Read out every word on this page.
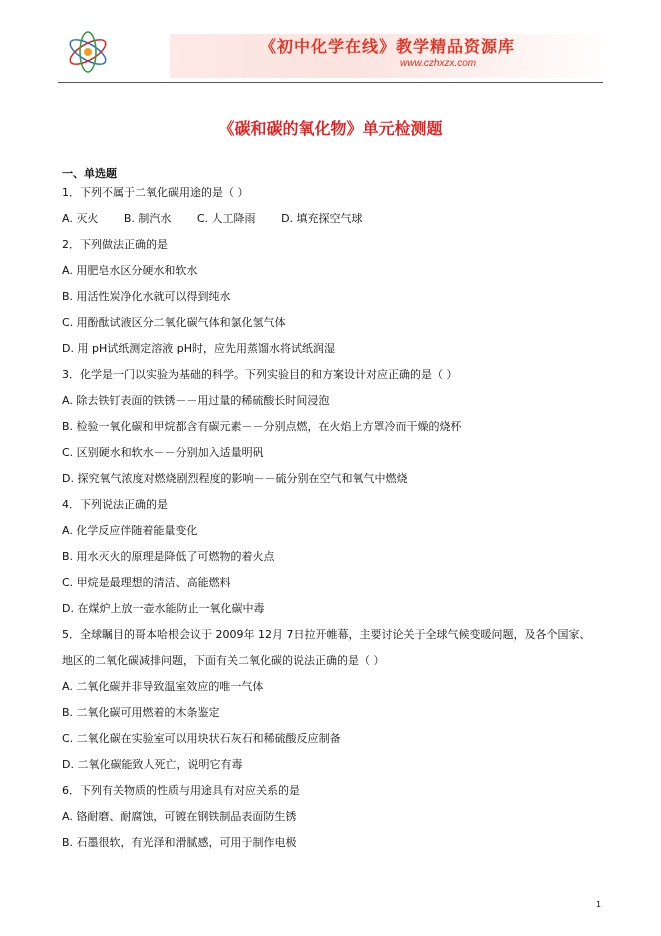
《初中化学在线》教学精品资源库
www.czhxzx.com
《碳和碳的氧化物》单元检测题
一、单选题
1．下列不属于二氧化碳用途的是（ ）
A. 灭火 B. 制汽水 C. 人工降雨 D. 填充探空气球
2．下列做法正确的是
A. 用肥皂水区分硬水和软水
B. 用活性炭净化水就可以得到纯水
C. 用酚酞试液区分二氧化碳气体和氯化氢气体
D. 用 pH试纸测定溶液 pH时，应先用蒸馏水将试纸润湿
3．化学是一门以实验为基础的科学。下列实验目的和方案设计对应正确的是（ ）
A. 除去铁钉表面的铁锈－－用过量的稀硫酸长时间浸泡
B. 检验一氧化碳和甲烷都含有碳元素－－分别点燃，在火焰上方罩冷而干燥的烧杯
C. 区别硬水和软水－－分别加入适量明矾
D. 探究氧气浓度对燃烧剧烈程度的影响－－硫分别在空气和氧气中燃烧
4．下列说法正确的是
A. 化学反应伴随着能量变化
B. 用水灭火的原理是降低了可燃物的着火点
C. 甲烷是最理想的清洁、高能燃料
D. 在煤炉上放一壶水能防止一氧化碳中毒
5．全球瞩目的哥本哈根会议于 2009年 12月 7日拉开帷幕，主要讨论关于全球气候变暖问题，及各个国家、
地区的二氧化碳减排问题，下面有关二氧化碳的说法正确的是（ ）
A. 二氧化碳并非导致温室效应的唯一气体
B. 二氧化碳可用燃着的木条鉴定
C. 二氧化碳在实验室可以用块状石灰石和稀硫酸反应制备
D. 二氧化碳能致人死亡，说明它有毒
6．下列有关物质的性质与用途具有对应关系的是
A. 铬耐磨、耐腐蚀，可镀在钢铁制品表面防生锈
B. 石墨很软，有光泽和滑腻感，可用于制作电极
1
